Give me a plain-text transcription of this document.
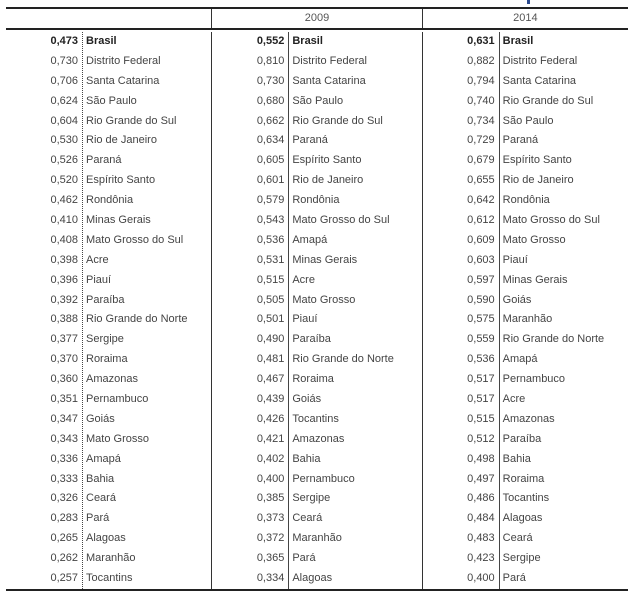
2009	2014
0,473 Brasil
0,730 Distrito Federal
0,706 Santa Catarina
0,624 São Paulo
0,604 Rio Grande do Sul
0,530 Rio de Janeiro
0,526 Paraná
0,520 Espírito Santo
0,462 Rondônia
0,410 Minas Gerais
0,408 Mato Grosso do Sul
0,398 Acre
0,396 Piauí
0,392 Paraíba
0,388 Rio Grande do Norte
0,377 Sergipe
0,370 Roraima
0,360 Amazonas
0,351 Pernambuco
0,347 Goiás
0,343 Mato Grosso
0,336 Amapá
0,333 Bahia
0,326 Ceará
0,283 Pará
0,265 Alagoas
0,262 Maranhão
0,257 Tocantins
0,552 Brasil
0,810 Distrito Federal
0,730 Santa Catarina
0,680 São Paulo
0,662 Rio Grande do Sul
0,634 Paraná
0,605 Espírito Santo
0,601 Rio de Janeiro
0,579 Rondônia
0,543 Mato Grosso do Sul
0,536 Amapá
0,531 Minas Gerais
0,515 Acre
0,505 Mato Grosso
0,501 Piauí
0,490 Paraíba
0,481 Rio Grande do Norte
0,467 Roraima
0,439 Goiás
0,426 Tocantins
0,421 Amazonas
0,402 Bahia
0,400 Pernambuco
0,385 Sergipe
0,373 Ceará
0,372 Maranhão
0,365 Pará
0,334 Alagoas
0,631 Brasil
0,882 Distrito Federal
0,794 Santa Catarina
0,740 Rio Grande do Sul
0,734 São Paulo
0,729 Paraná
0,679 Espírito Santo
0,655 Rio de Janeiro
0,642 Rondônia
0,612 Mato Grosso do Sul
0,609 Mato Grosso
0,603 Piauí
0,597 Minas Gerais
0,590 Goiás
0,575 Maranhão
0,559 Rio Grande do Norte
0,536 Amapá
0,517 Pernambuco
0,517 Acre
0,515 Amazonas
0,512 Paraíba
0,498 Bahia
0,497 Roraima
0,486 Tocantins
0,484 Alagoas
0,483 Ceará
0,423 Sergipe
0,400 Pará
